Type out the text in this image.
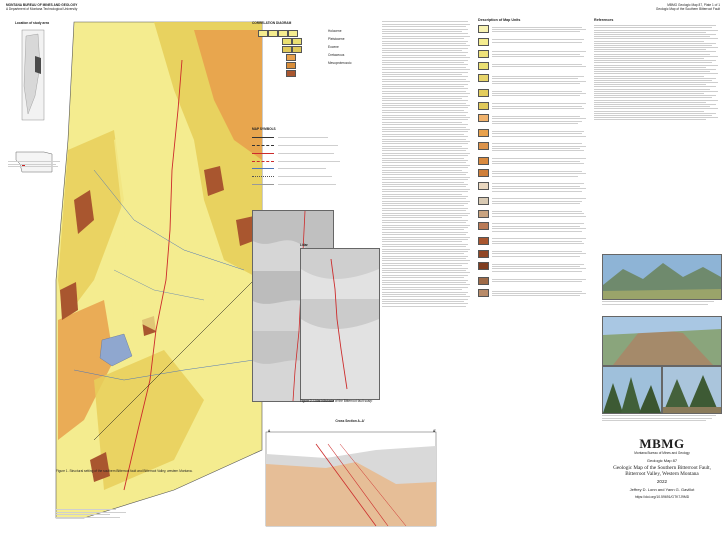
MONTANA BUREAU OF MINES AND GEOLOGY
A Department of Montana Technological University
MBMG Geologic Map 87, Plate 1 of 1
Geologic Map of the Southern Bitterroot Fault
Location of study area	CORRELATION DIAGRAM
Holocene
Pleistocene
Eocene
Cretaceous
Mesoproterozoic
MAP SYMBOLS
Lidar
Figure 2. Lidar hillshade of the Bitterroot fault scarp
Figure 1. Structural setting of the southern Bitterroot fault and Bitterroot Valley, western Montana.
Cross Section A–A'
A	A'
Description of Map Units	References
MBMG
Montana Bureau of Mines and Geology
Geologic Map 87
Geologic Map of the Southern Bitterroot Fault,
Bitterroot Valley, Western Montana
2022
Jeffrey D. Lonn and Yann G. Gavillot
https://doi.org/10.59691/GTK7J9MD
